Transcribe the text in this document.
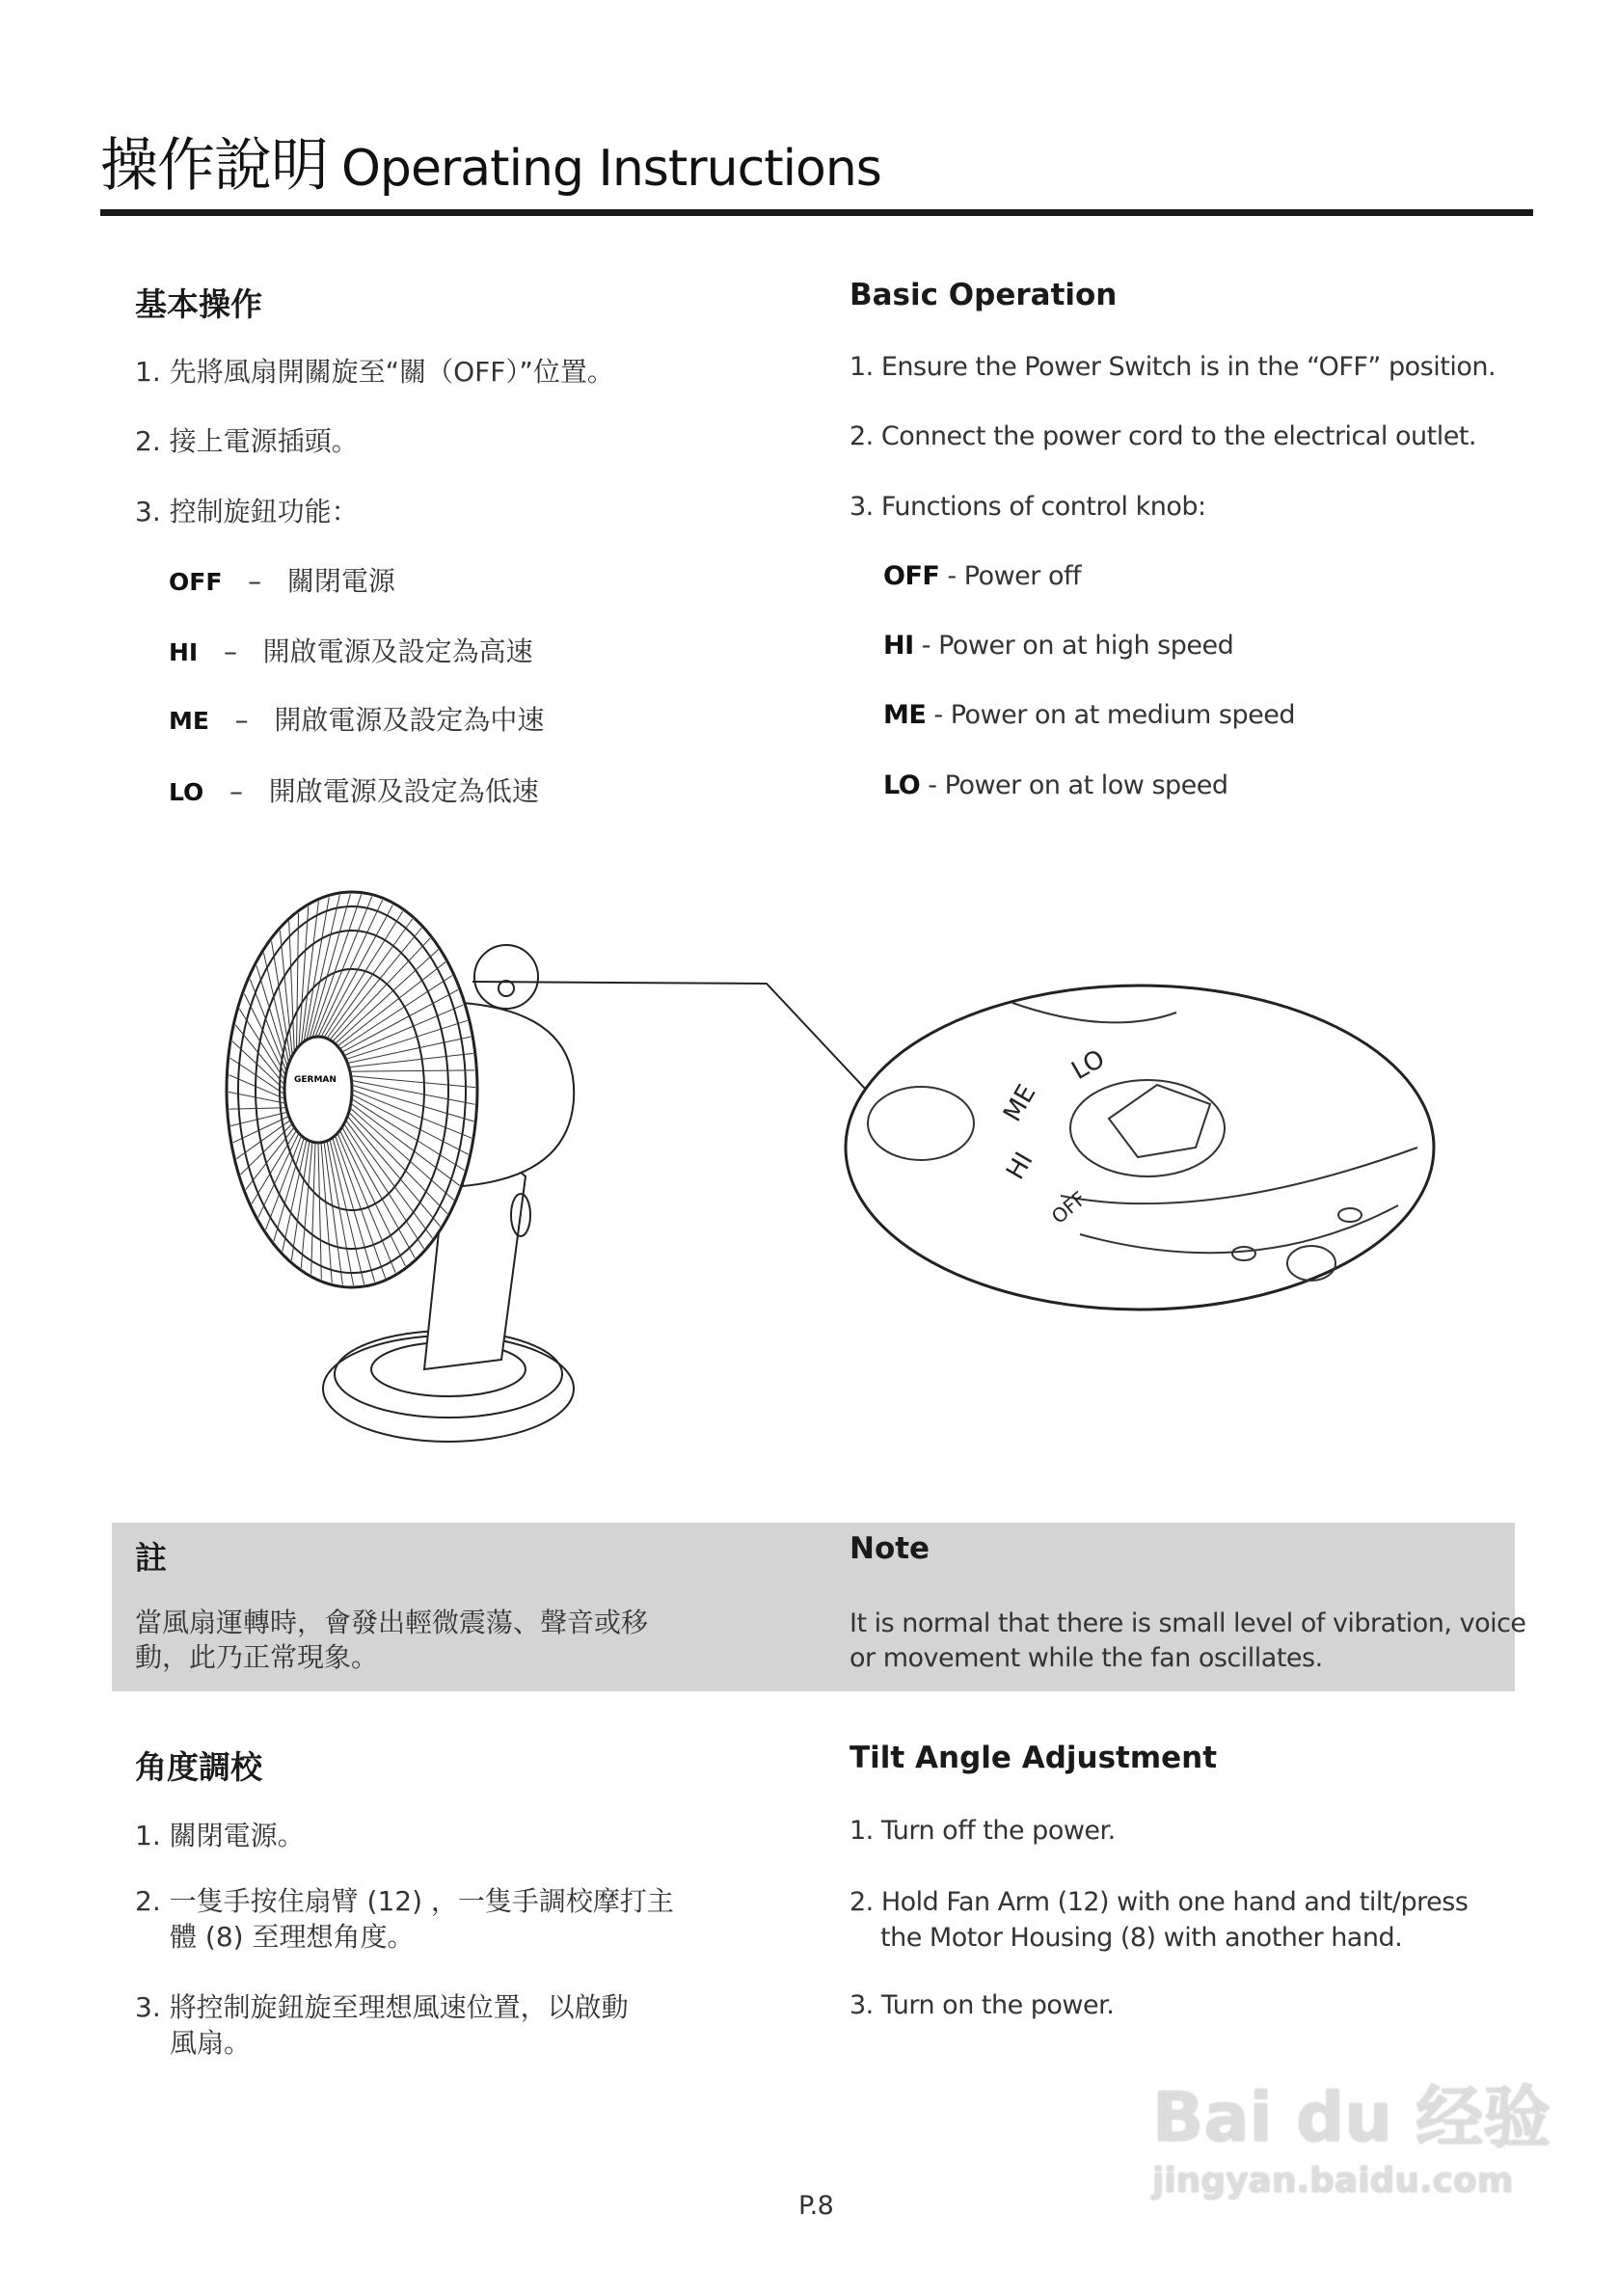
操作說明 Operating Instructions
基本操作	Basic Operation
1. 先將風扇開關旋至“關（OFF）”位置。
2. 接上電源插頭。
3. 控制旋鈕功能：
1. Ensure the Power Switch is in the “OFF” position.
2. Connect the power cord to the electrical outlet.
3. Functions of control knob:
OFF – 關閉電源
HI – 開啟電源及設定為高速
ME – 開啟電源及設定為中速
LO – 開啟電源及設定為低速
OFF - Power off
HI - Power on at high speed
ME - Power on at medium speed
LO - Power on at low speed
GERMAN	LO
ME
HI
OFF
註	Note
當風扇運轉時，會發出輕微震蕩、聲音或移
動，此乃正常現象。
It is normal that there is small level of vibration, voice
or movement while the fan oscillates.
角度調校	Tilt Angle Adjustment
1. 關閉電源。
2. 一隻手按住扇臂 (12) ，一隻手調校摩打主
體 (8) 至理想角度。
3. 將控制旋鈕旋至理想風速位置，以啟動
風扇。
1. Turn off the power.
2. Hold Fan Arm (12) with one hand and tilt/press
the Motor Housing (8) with another hand.
3. Turn on the power.
P.8
Bai du 经验
jingyan.baidu.com
